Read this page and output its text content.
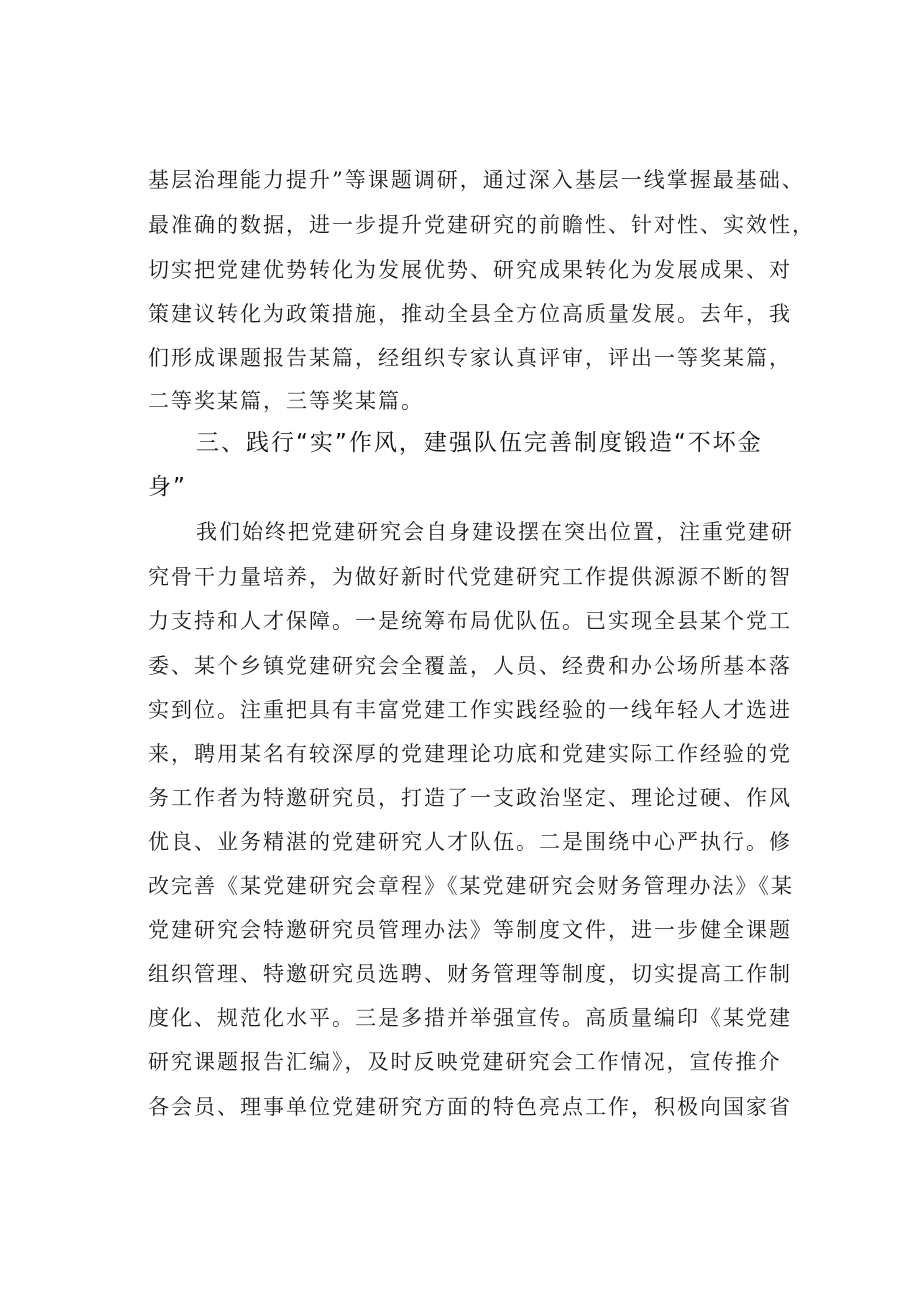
基层治理能力提升”等课题调研，通过深入基层一线掌握最基础、
最准确的数据，进一步提升党建研究的前瞻性、针对性、实效性，
切实把党建优势转化为发展优势、研究成果转化为发展成果、对
策建议转化为政策措施，推动全县全方位高质量发展。去年，我
们形成课题报告某篇，经组织专家认真评审，评出一等奖某篇，
二等奖某篇，三等奖某篇。
三、践行“实”作风，建强队伍完善制度锻造“不坏金
身”
我们始终把党建研究会自身建设摆在突出位置，注重党建研
究骨干力量培养，为做好新时代党建研究工作提供源源不断的智
力支持和人才保障。一是统筹布局优队伍。已实现全县某个党工
委、某个乡镇党建研究会全覆盖，人员、经费和办公场所基本落
实到位。注重把具有丰富党建工作实践经验的一线年轻人才选进
来，聘用某名有较深厚的党建理论功底和党建实际工作经验的党
务工作者为特邀研究员，打造了一支政治坚定、理论过硬、作风
优良、业务精湛的党建研究人才队伍。二是围绕中心严执行。修
改完善《某党建研究会章程》《某党建研究会财务管理办法》《某
党建研究会特邀研究员管理办法》等制度文件，进一步健全课题
组织管理、特邀研究员选聘、财务管理等制度，切实提高工作制
度化、规范化水平。三是多措并举强宣传。高质量编印《某党建
研究课题报告汇编》，及时反映党建研究会工作情况，宣传推介
各会员、理事单位党建研究方面的特色亮点工作，积极向国家省
